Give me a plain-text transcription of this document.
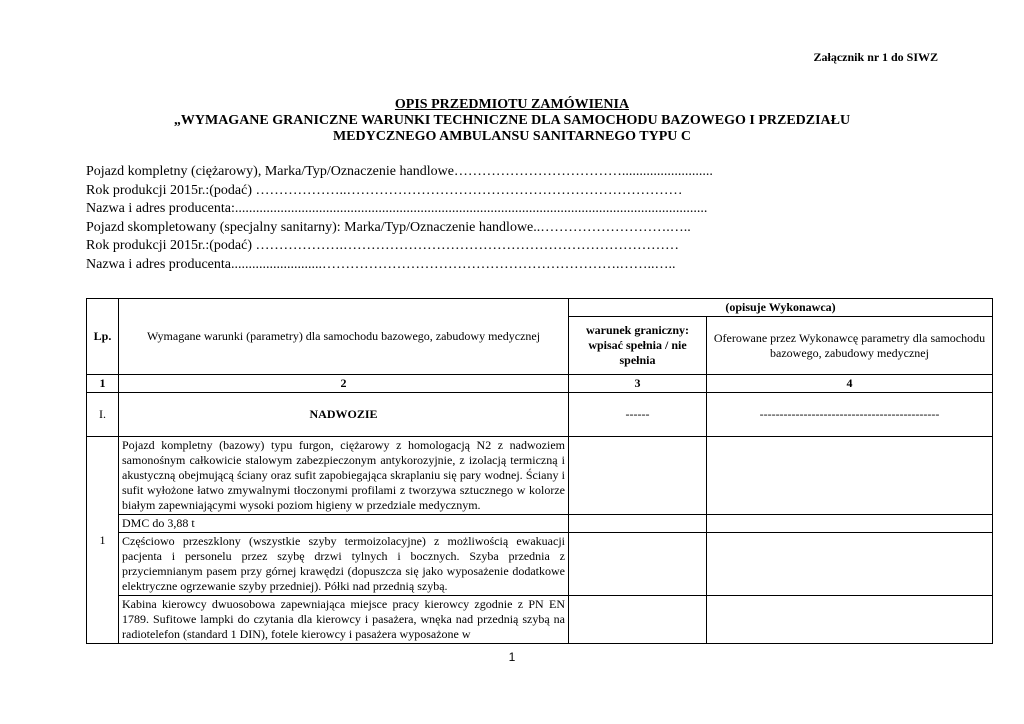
Załącznik nr 1 do SIWZ
OPIS PRZEDMIOTU ZAMÓWIENIA
„WYMAGANE GRANICZNE WARUNKI TECHNICZNE DLA SAMOCHODU BAZOWEGO I PRZEDZIAŁU
MEDYCZNEGO AMBULANSU SANITARNEGO TYPU C
Pojazd kompletny (ciężarowy), Marka/Typ/Oznaczenie handlowe………………………………..........................
Rok produkcji 2015r.:(podać) ………………..………………………………………………………………
Nazwa i adres producenta:.......................................................................................................................................
Pojazd skompletowany (specjalny sanitarny): Marka/Typ/Oznaczenie handlowe..……………………….…..
Rok produkcji 2015r.:(podać) ……………….………………………………………………………………
Nazwa i adres producenta..........................……………………………………………………….……..…..
Lp.	Wymagane warunki (parametry) dla samochodu bazowego, zabudowy medycznej	(opisuje Wykonawca)	
		warunek graniczny: wpisać spełnia / nie spełnia	Oferowane przez Wykonawcę parametry dla samochodu bazowego, zabudowy medycznej
1	2	3	4
I.	NADWOZIE	------	---------------------------------------------
1	Pojazd kompletny (bazowy) typu furgon, ciężarowy z homologacją N2 z nadwoziem samonośnym całkowicie stalowym zabezpieczonym antykorozyjnie, z izolacją termiczną i akustyczną obejmującą ściany oraz sufit zapobiegająca skraplaniu się pary wodnej. Ściany i sufit wyłożone łatwo zmywalnymi tłoczonymi profilami z tworzywa sztucznego w kolorze białym zapewniającymi wysoki poziom higieny w przedziale medycznym.		
	DMC do 3,88 t		
	Częściowo przeszklony (wszystkie szyby termoizolacyjne) z możliwością ewakuacji pacjenta i personelu przez szybę drzwi tylnych i bocznych. Szyba przednia z przyciemnianym pasem przy górnej krawędzi (dopuszcza się jako wyposażenie dodatkowe elektryczne ogrzewanie szyby przedniej). Półki nad przednią szybą.		

	Kabina kierowcy dwuosobowa zapewniająca miejsce pracy kierowcy zgodnie z PN EN 1789. Sufitowe lampki do czytania dla kierowcy i pasażera, wnęka nad przednią szybą na radiotelefon (standard 1 DIN), fotele kierowcy i pasażera wyposażone w		

1
